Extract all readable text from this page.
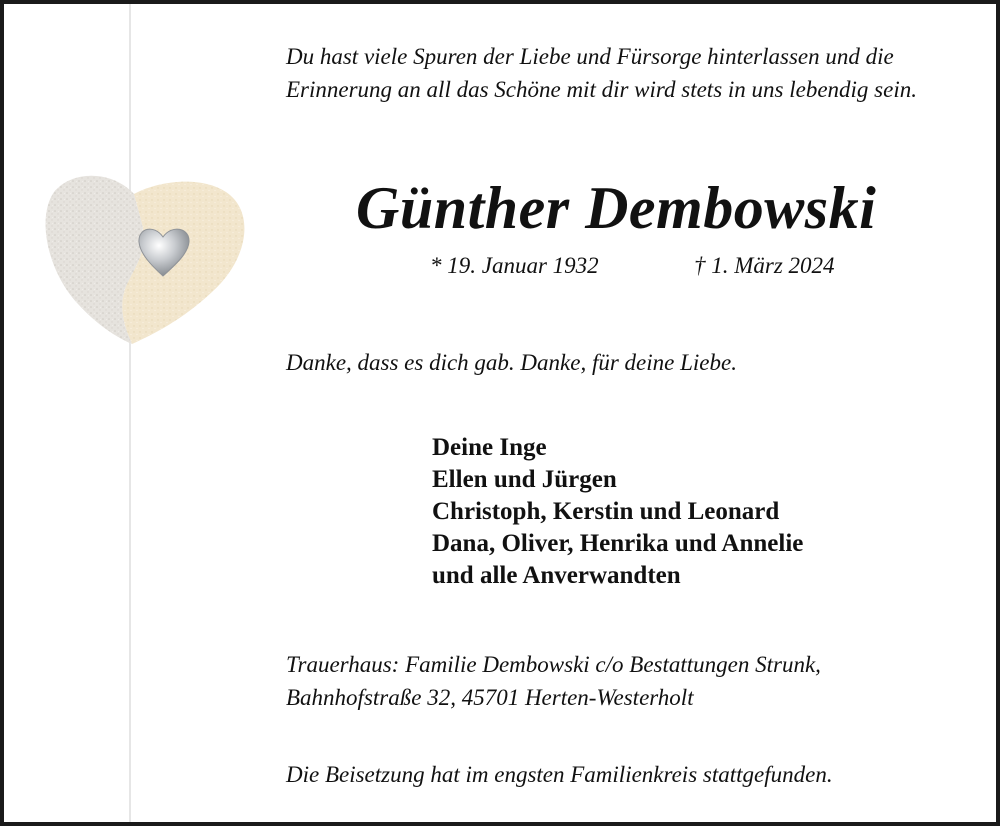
Du hast viele Spuren der Liebe und Fürsorge hinterlassen und die
Erinnerung an all das Schöne mit dir wird stets in uns lebendig sein.

Günther Dembowski
* 19. Januar 1932	† 1. März 2024

Danke, dass es dich gab. Danke, für deine Liebe.

Deine Inge
Ellen und Jürgen
Christoph, Kerstin und Leonard
Dana, Oliver, Henrika und Annelie
und alle Anverwandten

Trauerhaus: Familie Dembowski c/o Bestattungen Strunk,
Bahnhofstraße 32, 45701 Herten-Westerholt

Die Beisetzung hat im engsten Familienkreis stattgefunden.
